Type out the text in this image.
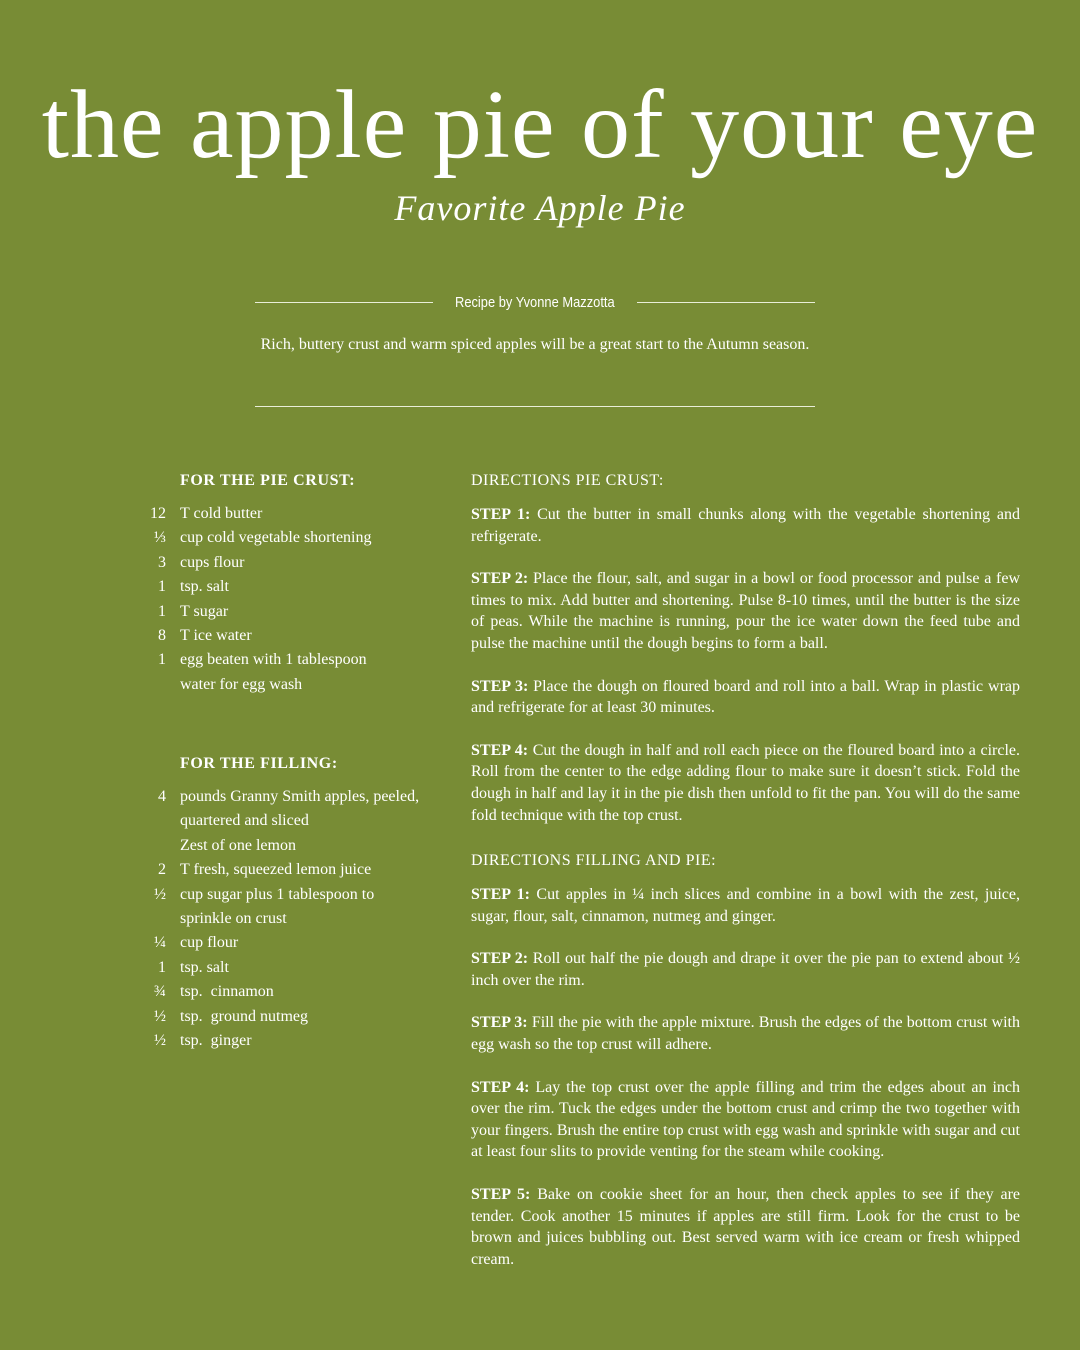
the apple pie of your eye
Favorite Apple Pie
Recipe by Yvonne Mazzotta
Rich, buttery crust and warm spiced apples will be a great start to the Autumn season.
FOR THE PIE CRUST:
12 T cold butter
⅓ cup cold vegetable shortening
3 cups flour
1 tsp. salt
1 T sugar
8 T ice water
1 egg beaten with 1 tablespoon water for egg wash
FOR THE FILLING:
4 pounds Granny Smith apples, peeled, quartered and sliced
Zest of one lemon
2 T fresh, squeezed lemon juice
½ cup sugar plus 1 tablespoon to sprinkle on crust
¼ cup flour
1 tsp. salt
¾ tsp.  cinnamon
½ tsp.  ground nutmeg
½ tsp.  ginger
DIRECTIONS PIE CRUST:

STEP 1: Cut the butter in small chunks along with the vegetable shortening and refrigerate.

STEP 2: Place the flour, salt, and sugar in a bowl or food processor and pulse a few times to mix. Add butter and shortening. Pulse 8-10 times, until the butter is the size of peas. While the machine is running, pour the ice water down the feed tube and pulse the machine until the dough begins to form a ball.

STEP 3: Place the dough on floured board and roll into a ball. Wrap in plastic wrap and refrigerate for at least 30 minutes.

STEP 4: Cut the dough in half and roll each piece on the floured board into a circle. Roll from the center to the edge adding flour to make sure it doesn’t stick. Fold the dough in half and lay it in the pie dish then unfold to fit the pan. You will do the same fold technique with the top crust.

DIRECTIONS FILLING AND PIE:

STEP 1: Cut apples in ¼ inch slices and combine in a bowl with the zest, juice, sugar, flour, salt, cinnamon, nutmeg and ginger.

STEP 2: Roll out half the pie dough and drape it over the pie pan to extend about ½ inch over the rim.

STEP 3: Fill the pie with the apple mixture. Brush the edges of the bottom crust with egg wash so the top crust will adhere.

STEP 4: Lay the top crust over the apple filling and trim the edges about an inch over the rim. Tuck the edges under the bottom crust and crimp the two together with your fingers. Brush the entire top crust with egg wash and sprinkle with sugar and cut at least four slits to provide venting for the steam while cooking.

STEP 5: Bake on cookie sheet for an hour, then check apples to see if they are tender. Cook another 15 minutes if apples are still firm. Look for the crust to be brown and juices bubbling out. Best served warm with ice cream or fresh whipped cream.
